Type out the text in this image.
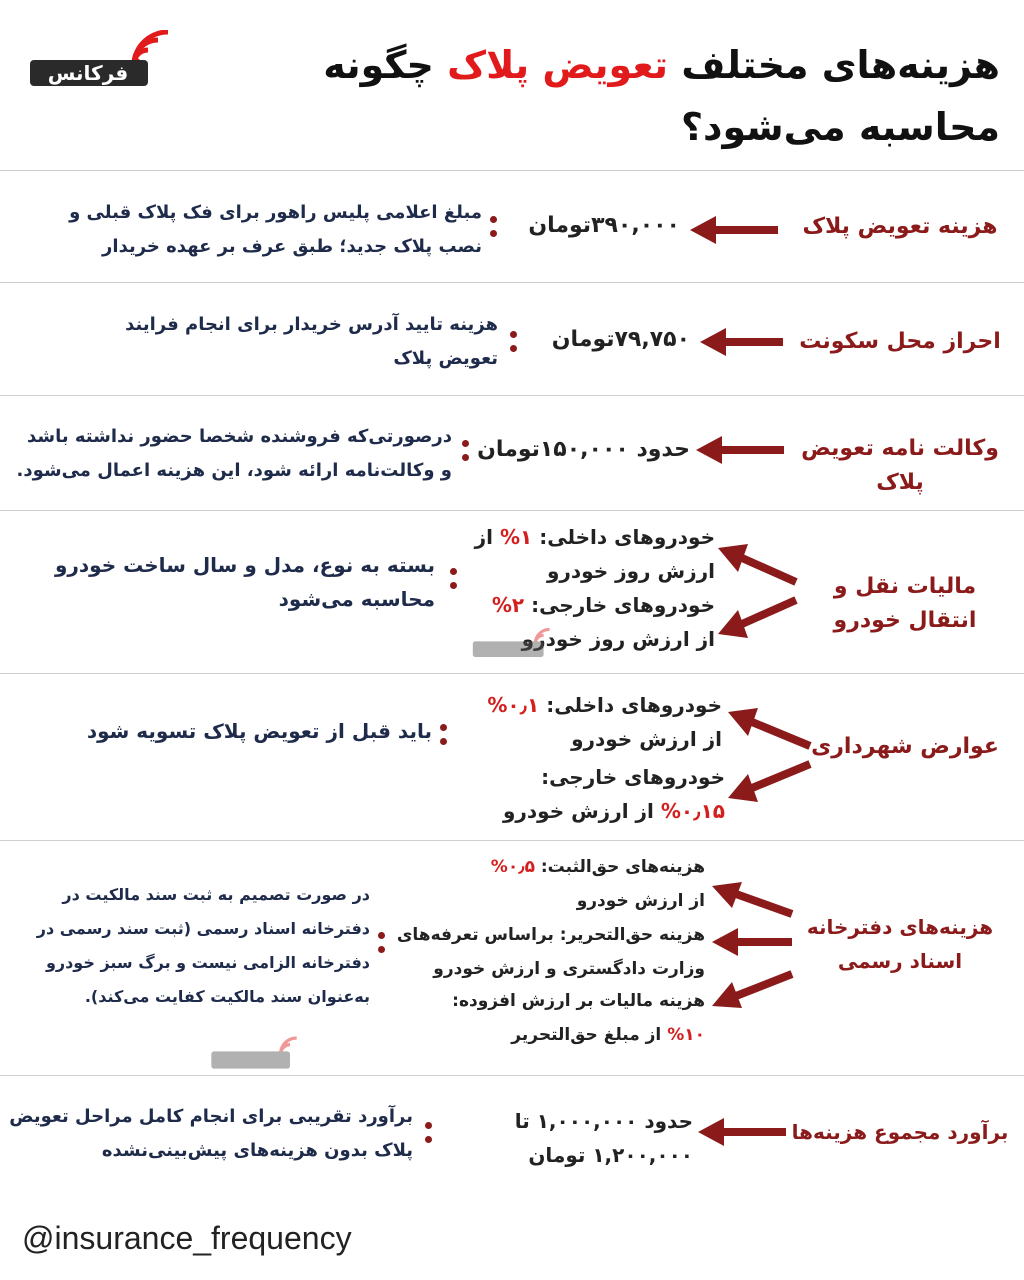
فرکانس	هزینه‌های مختلف تعویض پلاک چگونه محاسبه می‌شود؟
هزینه تعویض پلاک
۳۹۰,۰۰۰تومان
مبلغ اعلامی پلیس راهور برای فک پلاک قبلی و نصب پلاک جدید؛ طبق عرف بر عهده خریدار
احراز محل سکونت
۷۹,۷۵۰تومان
هزینه تایید آدرس خریدار برای انجام فرایند تعویض پلاک
وکالت نامه تعویض پلاک
حدود ۱۵۰,۰۰۰تومان
درصورتی‌که فروشنده شخصا حضور نداشته باشد و وکالت‌نامه ارائه شود، این هزینه اعمال می‌شود.
مالیات نقل و انتقال خودرو
خودروهای داخلی: ۱% از ارزش روز خودرو
خودروهای خارجی: ۲% از ارزش روز خودرو
بسته به نوع، مدل و سال ساخت خودرو محاسبه می‌شود
عوارض شهرداری
خودروهای داخلی: ۰٫۱% از ارزش خودرو
خودروهای خارجی: ۰٫۱۵% از ارزش خودرو
باید قبل از تعویض پلاک تسویه شود
هزینه‌های دفترخانه اسناد رسمی
هزینه‌های حق‌الثبت: ۰٫۵% از ارزش خودرو
هزینه حق‌التحریر: براساس تعرفه‌های وزارت دادگستری و ارزش خودرو
هزینه مالیات بر ارزش افزوده: ۱۰% از مبلغ حق‌التحریر
در صورت تصمیم به ثبت سند مالکیت در دفترخانه اسناد رسمی (ثبت سند رسمی در دفترخانه الزامی نیست و برگ سبز خودرو به‌عنوان سند مالکیت کفایت می‌کند).
برآورد مجموع هزینه‌ها
حدود ۱,۰۰۰,۰۰۰ تا ۱,۲۰۰,۰۰۰ تومان
برآورد تقریبی برای انجام کامل مراحل تعویض پلاک بدون هزینه‌های پیش‌بینی‌نشده
@insurance_frequency
